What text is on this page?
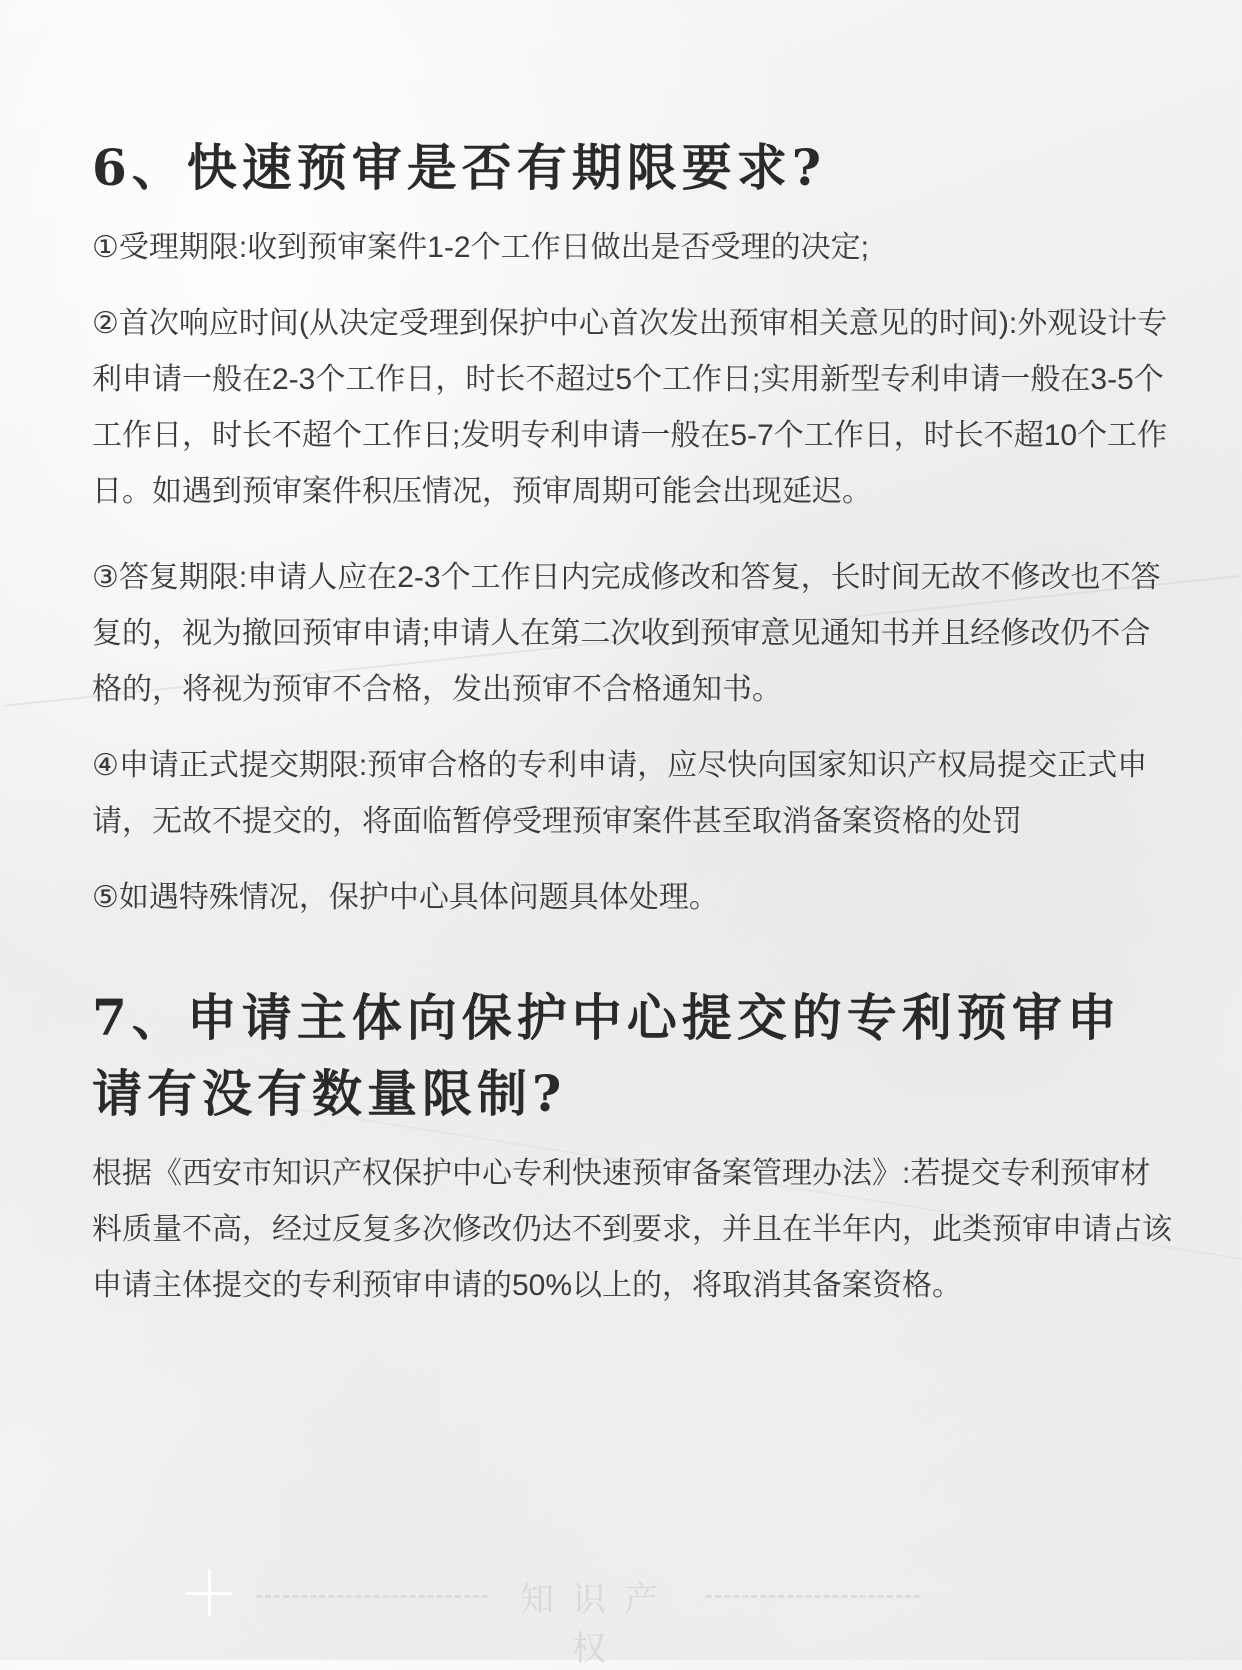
6、快速预审是否有期限要求?

①受理期限:收到预审案件1-2个工作日做出是否受理的决定;

②首次响应时间(从决定受理到保护中心首次发出预审相关意见的时间):外观设计专利申请一般在2-3个工作日，时长不超过5个工作日;实用新型专利申请一般在3-5个工作日，时长不超个工作日;发明专利申请一般在5-7个工作日，时长不超10个工作日。如遇到预审案件积压情况，预审周期可能会出现延迟。

③答复期限:申请人应在2-3个工作日内完成修改和答复，长时间无故不修改也不答复的，视为撤回预审申请;申请人在第二次收到预审意见通知书并且经修改仍不合格的，将视为预审不合格，发出预审不合格通知书。

④申请正式提交期限:预审合格的专利申请，应尽快向国家知识产权局提交正式申请，无故不提交的，将面临暂停受理预审案件甚至取消备案资格的处罚

⑤如遇特殊情况，保护中心具体问题具体处理。

7、申请主体向保护中心提交的专利预审申请有没有数量限制?

根据《西安市知识产权保护中心专利快速预审备案管理办法》:若提交专利预审材料质量不高，经过反复多次修改仍达不到要求，并且在半年内，此类预审申请占该申请主体提交的专利预审申请的50%以上的，将取消其备案资格。

知识产权
